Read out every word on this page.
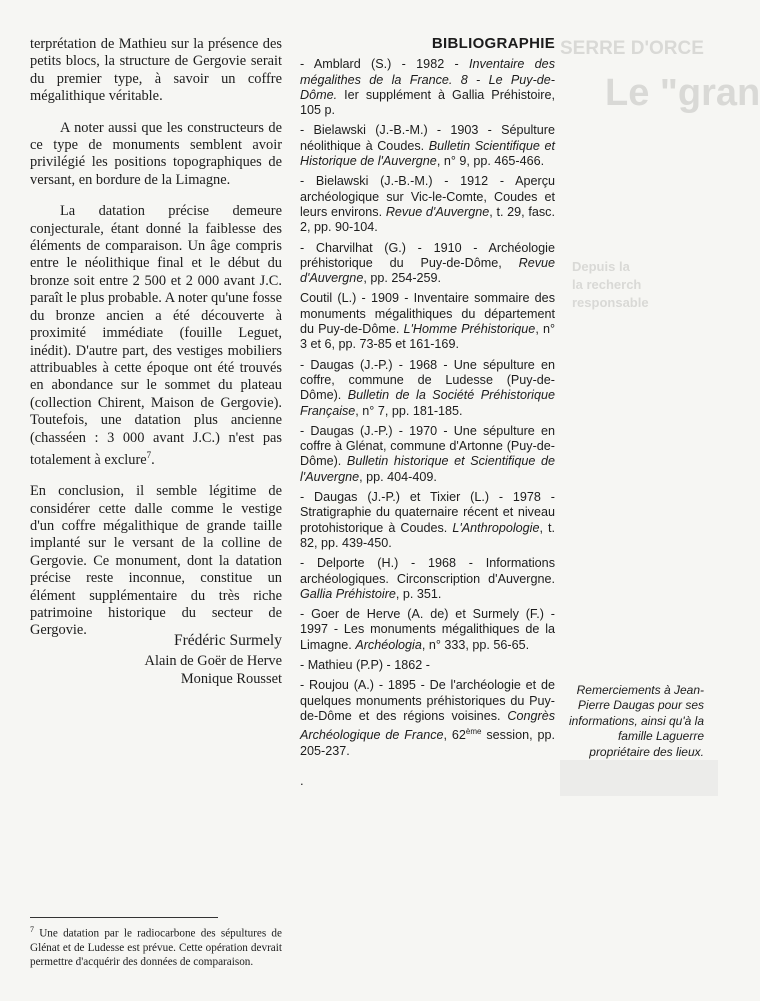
SERRE D'ORCE
Le "gran
Depuis la
la recherch
responsable

terprétation de Mathieu sur la présence des petits blocs, la structure de Gergovie serait du premier type, à savoir un coffre mégalithique véritable.

A noter aussi que les constructeurs de ce type de monuments semblent avoir privilégié les positions topographiques de versant, en bordure de la Limagne.

La datation précise demeure conjecturale, étant donné la faiblesse des éléments de comparaison. Un âge compris entre le néolithique final et le début du bronze soit entre 2 500 et 2 000 avant J.C. paraît le plus probable. A noter qu'une fosse du bronze ancien a été découverte à proximité immédiate (fouille Leguet, inédit). D'autre part, des vestiges mobiliers attribuables à cette époque ont été trouvés en abondance sur le sommet du plateau (collection Chirent, Maison de Gergovie). Toutefois, une datation plus ancienne (chasséen : 3 000 avant J.C.) n'est pas totalement à exclure$^7$.

En conclusion, il semble légitime de considérer cette dalle comme le vestige d'un coffre mégalithique de grande taille implanté sur le versant de la colline de Gergovie. Ce monument, dont la datation précise reste inconnue, constitue un élément supplémentaire du très riche patrimoine historique du secteur de Gergovie.

Frédéric Surmely
Alain de Goër de Herve
Monique Rousset
$^7$ Une datation par le radiocarbone des sépultures de Glénat et de Ludesse est prévue. Cette opération devrait permettre d'acquérir des données de comparaison.
BIBLIOGRAPHIE
- Amblard (S.) - 1982 - Inventaire des mégalithes de la France. 8 - Le Puy-de-Dôme. Ier supplément à Gallia Préhistoire, 105 p.
- Bielawski (J.-B.-M.) - 1903 - Sépulture néolithique à Coudes. Bulletin Scientifique et Historique de l'Auvergne, n° 9, pp. 465-466.
- Bielawski (J.-B.-M.) - 1912 - Aperçu archéologique sur Vic-le-Comte, Coudes et leurs environs. Revue d'Auvergne, t. 29, fasc. 2, pp. 90-104.
- Charvilhat (G.) - 1910 - Archéologie préhistorique du Puy-de-Dôme, Revue d'Auvergne, pp. 254-259.
Coutil (L.) - 1909 - Inventaire sommaire des monuments mégalithiques du département du Puy-de-Dôme. L'Homme Préhistorique, n° 3 et 6, pp. 73-85 et 161-169.
- Daugas (J.-P.) - 1968 - Une sépulture en coffre, commune de Ludesse (Puy-de-Dôme). Bulletin de la Société Préhistorique Française, n° 7, pp. 181-185.
- Daugas (J.-P.) - 1970 - Une sépulture en coffre à Glénat, commune d'Artonne (Puy-de-Dôme). Bulletin historique et Scientifique de l'Auvergne, pp. 404-409.
- Daugas (J.-P.) et Tixier (L.) - 1978 - Stratigraphie du quaternaire récent et niveau protohistorique à Coudes. L'Anthropologie, t. 82, pp. 439-450.
- Delporte (H.) - 1968 - Informations archéologiques. Circonscription d'Auvergne. Gallia Préhistoire, p. 351.
- Goer de Herve (A. de) et Surmely (F.) - 1997 - Les monuments mégalithiques de la Limagne. Archéologia, n° 333, pp. 56-65.
- Mathieu (P.P) - 1862 -
- Roujou (A.) - 1895 - De l'archéologie et de quelques monuments préhistoriques du Puy-de-Dôme et des régions voisines. Congrès Archéologique de France, 62ème session, pp. 205-237.
.
Remerciements à Jean-Pierre Daugas pour ses informations, ainsi qu'à la famille Laguerre propriétaire des lieux.
